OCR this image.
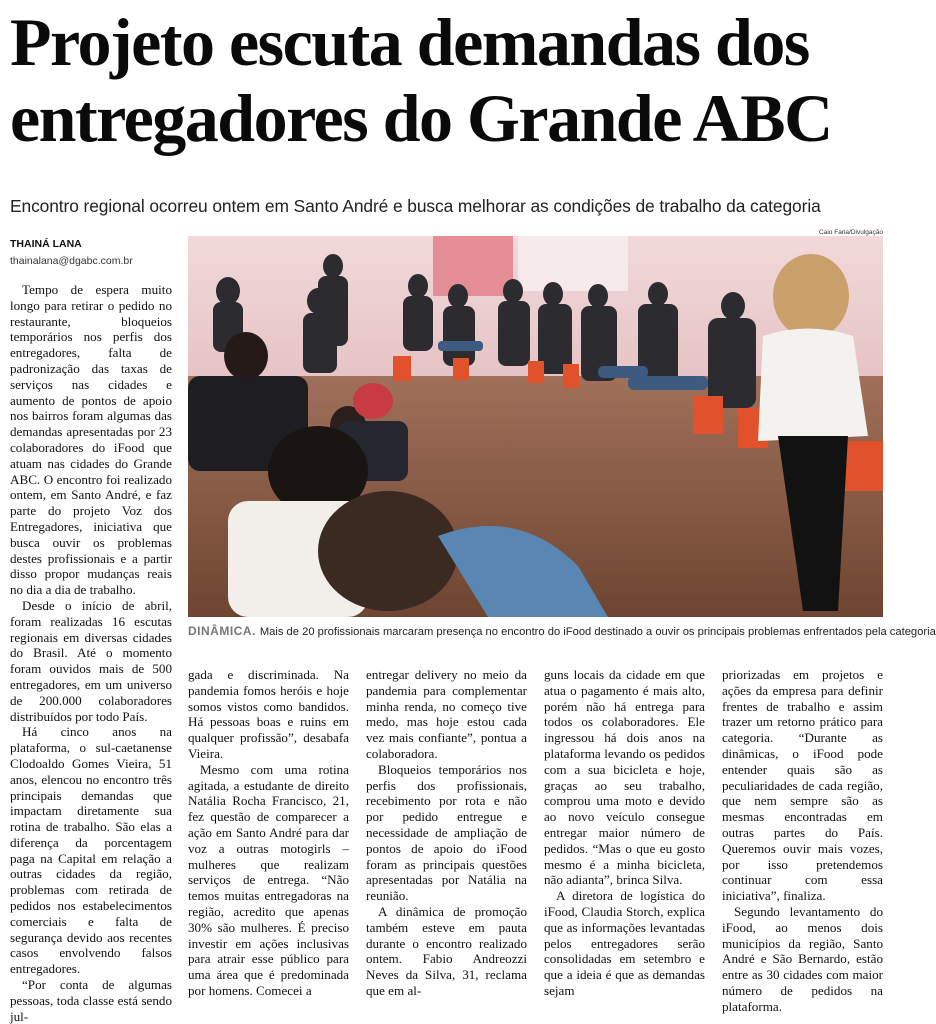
Projeto escuta demandas dos entregadores do Grande ABC
Encontro regional ocorreu ontem em Santo André e busca melhorar as condições de trabalho da categoria
THAINÁ LANA
thainalana@dgabc.com.br
Caio Faria/Divulgação
DINÂMICA. Mais de 20 profissionais marcaram presença no encontro do iFood destinado a ouvir os principais problemas enfrentados pela categoria

Tempo de espera muito longo para retirar o pedido no restaurante, bloqueios temporários nos perfis dos entregadores, falta de padronização das taxas de serviços nas cidades e aumento de pontos de apoio nos bairros foram algumas das demandas apresentadas por 23 colaboradores do iFood que atuam nas cidades do Grande ABC. O encontro foi realizado ontem, em Santo André, e faz parte do projeto Voz dos Entregadores, iniciativa que busca ouvir os problemas destes profissionais e a partir disso propor mudanças reais no dia a dia de trabalho.

Desde o início de abril, foram realizadas 16 escutas regionais em diversas cidades do Brasil. Até o momento foram ouvidos mais de 500 entregadores, em um universo de 200.000 colaboradores distribuídos por todo País.

Há cinco anos na plataforma, o sul-caetanense Clodoaldo Gomes Vieira, 51 anos, elencou no encontro três principais demandas que impactam diretamente sua rotina de trabalho. São elas a diferença da porcentagem paga na Capital em relação a outras cidades da região, problemas com retirada de pedidos nos estabelecimentos comerciais e falta de segurança devido aos recentes casos envolvendo falsos entregadores.

“Por conta de algumas pessoas, toda classe está sendo jul-

gada e discriminada. Na pandemia fomos heróis e hoje somos vistos como bandidos. Há pessoas boas e ruins em qualquer profissão”, desabafa Vieira.

Mesmo com uma rotina agitada, a estudante de direito Natália Rocha Francisco, 21, fez questão de comparecer a ação em Santo André para dar voz a outras motogirls – mulheres que realizam serviços de entrega. “Não temos muitas entregadoras na região, acredito que apenas 30% são mulheres. É preciso investir em ações inclusivas para atrair esse público para uma área que é predominada por homens. Comecei a

entregar delivery no meio da pandemia para complementar minha renda, no começo tive medo, mas hoje estou cada vez mais confiante”, pontua a colaboradora.

Bloqueios temporários nos perfis dos profissionais, recebimento por rota e não por pedido entregue e necessidade de ampliação de pontos de apoio do iFood foram as principais questões apresentadas por Natália na reunião.

A dinâmica de promoção também esteve em pauta durante o encontro realizado ontem. Fabio Andreozzi Neves da Silva, 31, reclama que em al-

guns locais da cidade em que atua o pagamento é mais alto, porém não há entrega para todos os colaboradores. Ele ingressou há dois anos na plataforma levando os pedidos com a sua bicicleta e hoje, graças ao seu trabalho, comprou uma moto e devido ao novo veículo consegue entregar maior número de pedidos. “Mas o que eu gosto mesmo é a minha bicicleta, não adianta”, brinca Silva.

A diretora de logística do iFood, Claudia Storch, explica que as informações levantadas pelos entregadores serão consolidadas em setembro e que a ideia é que as demandas sejam

priorizadas em projetos e ações da empresa para definir frentes de trabalho e assim trazer um retorno prático para categoria. “Durante as dinâmicas, o iFood pode entender quais são as peculiaridades de cada região, que nem sempre são as mesmas encontradas em outras partes do País. Queremos ouvir mais vozes, por isso pretendemos continuar com essa iniciativa”, finaliza.

Segundo levantamento do iFood, ao menos dois municípios da região, Santo André e São Bernardo, estão entre as 30 cidades com maior número de pedidos na plataforma.
